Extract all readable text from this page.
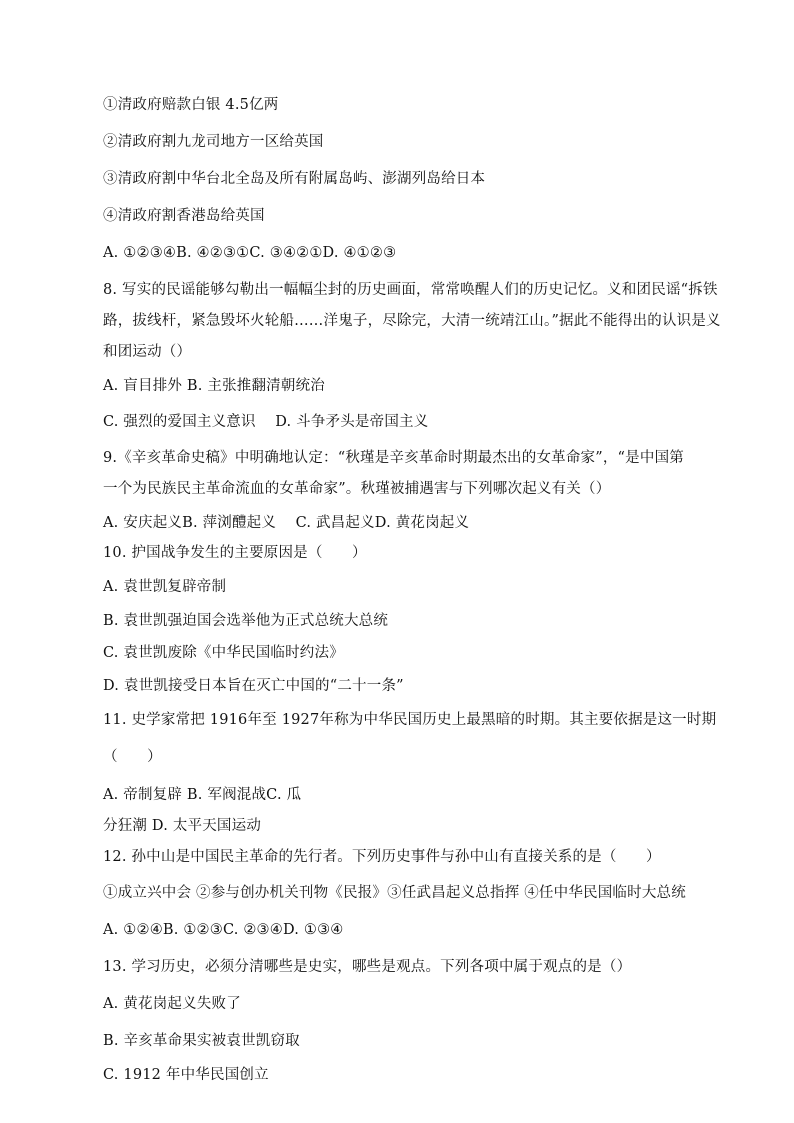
①清政府赔款白银 4.5亿两
②清政府割九龙司地方一区给英国
③清政府割中华台北全岛及所有附属岛屿、澎湖列岛给日本
④清政府割香港岛给英国
A. ①②③④B. ④②③①C. ③④②①D. ④①②③
8. 写实的民谣能够勾勒出一幅幅尘封的历史画面，常常唤醒人们的历史记忆。义和团民谣“拆铁
路，拔线杆，紧急毁坏火轮船……洋鬼子，尽除完，大清一统靖江山。”据此不能得出的认识是义
和团运动（）
A. 盲目排外 B. 主张推翻清朝统治
C. 强烈的爱国主义意识　 D. 斗争矛头是帝国主义
9.《辛亥革命史稿》中明确地认定：“秋瑾是辛亥革命时期最杰出的女革命家”，“是中国第
一个为民族民主革命流血的女革命家”。秋瑾被捕遇害与下列哪次起义有关（）
A. 安庆起义B. 萍浏醴起义　 C. 武昌起义D. 黄花岗起义
10. 护国战争发生的主要原因是（　　）
A. 袁世凯复辟帝制
B. 袁世凯强迫国会选举他为正式总统大总统
C. 袁世凯废除《中华民国临时约法》
D. 袁世凯接受日本旨在灭亡中国的“二十一条”
11. 史学家常把 1916年至 1927年称为中华民国历史上最黑暗的时期。其主要依据是这一时期
（　　）
A. 帝制复辟 B. 军阀混战C. 瓜
分狂潮 D. 太平天国运动
12. 孙中山是中国民主革命的先行者。下列历史事件与孙中山有直接关系的是（　　）
①成立兴中会 ②参与创办机关刊物《民报》③任武昌起义总指挥 ④任中华民国临时大总统
A. ①②④B. ①②③C. ②③④D. ①③④
13. 学习历史，必须分清哪些是史实，哪些是观点。下列各项中属于观点的是（）
A. 黄花岗起义失败了
B. 辛亥革命果实被袁世凯窃取
C. 1912 年中华民国创立
